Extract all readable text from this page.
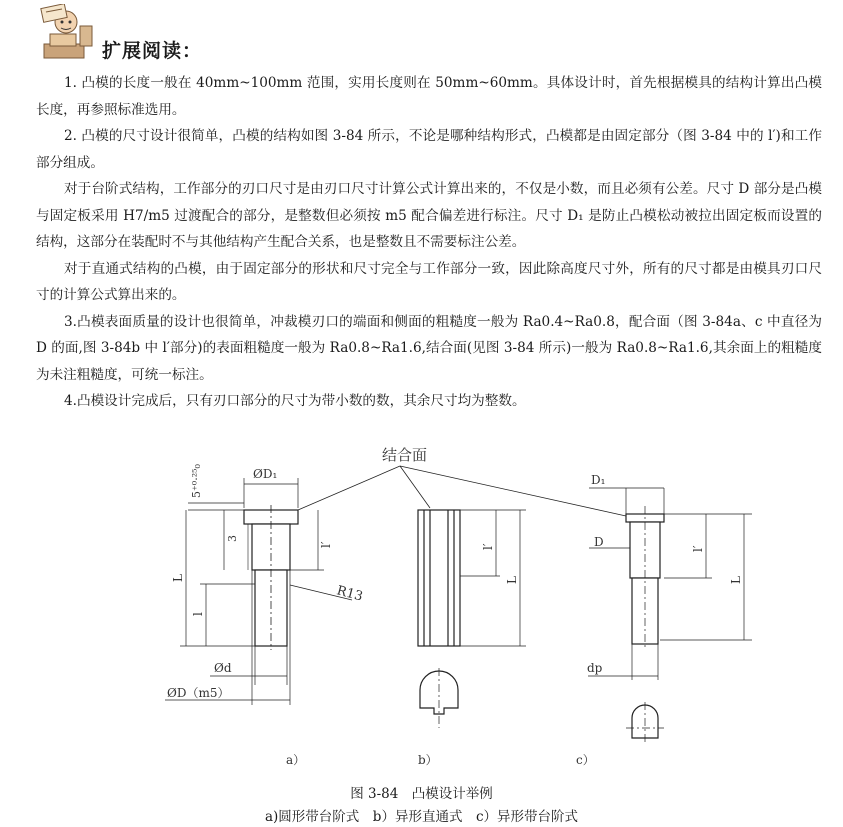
扩展阅读：

1. 凸模的长度一般在 40mm~100mm 范围，实用长度则在 50mm~60mm。具体设计时，首先根据模具的结构计算出凸模长度，再参照标准选用。

2. 凸模的尺寸设计很简单，凸模的结构如图 3-84 所示，不论是哪种结构形式，凸模都是由固定部分（图 3-84 中的 l′)和工作部分组成。

对于台阶式结构，工作部分的刃口尺寸是由刃口尺寸计算公式计算出来的，不仅是小数，而且必须有公差。尺寸 D 部分是凸模与固定板采用 H7/m5 过渡配合的部分，是整数但必须按 m5 配合偏差进行标注。尺寸 D₁ 是防止凸模松动被拉出固定板而设置的结构，这部分在装配时不与其他结构产生配合关系，也是整数且不需要标注公差。

对于直通式结构的凸模，由于固定部分的形状和尺寸完全与工作部分一致，因此除高度尺寸外，所有的尺寸都是由模具刃口尺寸的计算公式算出来的。

3.凸模表面质量的设计也很简单，冲裁模刃口的端面和侧面的粗糙度一般为 Ra0.4~Ra0.8，配合面（图 3-84a、c 中直径为 D 的面,图 3-84b 中 l′部分)的表面粗糙度一般为 Ra0.8~Ra1.6,结合面(见图 3-84 所示)一般为 Ra0.8~Ra1.6,其余面上的粗糙度为未注粗糙度，可统一标注。

4.凸模设计完成后，只有刃口部分的尺寸为带小数的数，其余尺寸均为整数。

结合面
5⁺⁰·²⁵₀	ØD₁
3
l′
L
l
R13
Ød
ØD（m5）
a）
l′
L
b）
D₁
D	l′
L
dp
c）
图 3-84　凸模设计举例
a)圆形带台阶式　b）异形直通式　c）异形带台阶式
